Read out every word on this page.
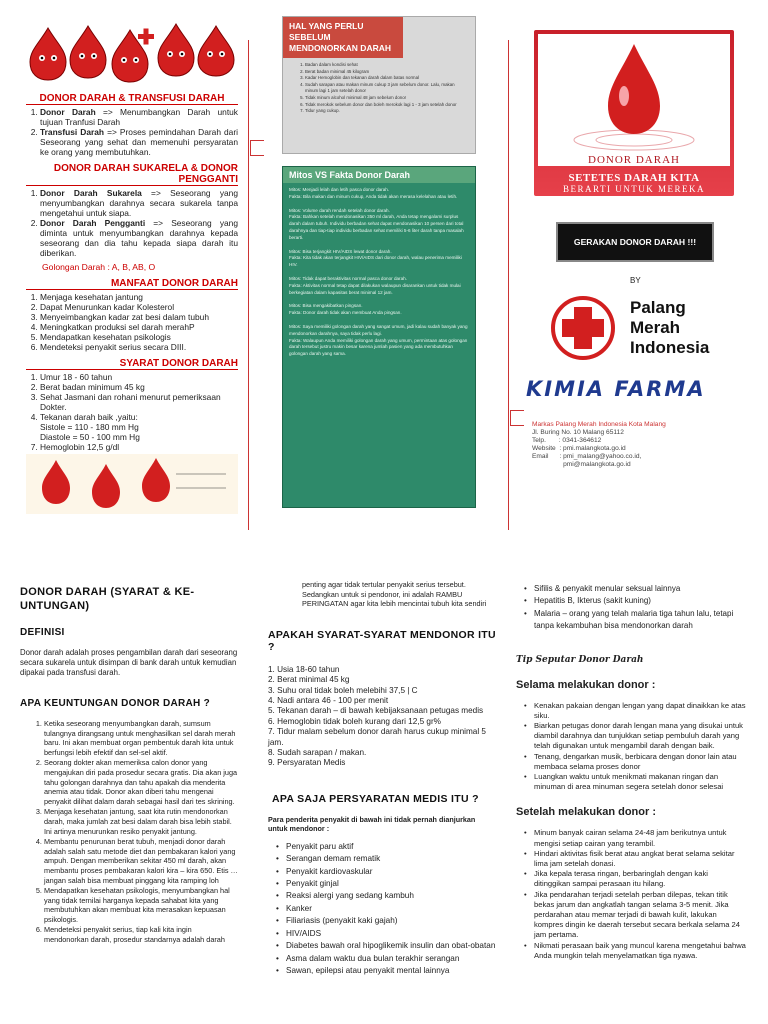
DONOR DARAH & TRANSFUSI DARAH
1. Donor Darah => Menumbangkan Darah untuk tujuan Tranfusi Darah
2. Transfusi Darah => Proses pemindahan Darah dari Seseorang yang sehat dan memenuhi persyaratan ke orang yang membutuhkan.
DONOR DARAH SUKARELA & DONOR PENGGANTI
1. Donor Darah Sukarela => Seseorang yang menyumbangkan darahnya secara sukarela tanpa mengetahui untuk siapa.
2. Donor Darah Pengganti => Seseorang yang diminta untuk menyumbangkan darahnya kepada seseorang dan dia tahu kepada siapa darah itu diberikan.

Golongan Darah : A, B, AB, O

MANFAAT DONOR DARAH
1. Menjaga kesehatan jantung
2. Dapat Menurunkan kadar Kolesterol
3. Menyeimbangkan kadar zat besi dalam tubuh
4. Meningkatkan produksi sel darah merahP
5. Mendapatkan kesehatan psikologis
6. Mendeteksi penyakit serius secara DIII.
SYARAT DONOR DARAH
1. Umur 18 - 60 tahun
2. Berat badan minimum 45 kg
3. Sehat Jasmani dan rohani menurut pemeriksaan Dokter.
4. Tekanan darah baik ,yaitu:
Sistole = 110 - 180 mm Hg
Diastole = 50 - 100 mm Hg
7. Hemoglobin 12,5 g/dl
HAL YANG PERLU SEBELUM MENDONORKAN DARAH
1. Badan dalam kondisi sehat
2. Berat badan minimal 45 kilogram
3. Kadar Hemoglobin dan tekanan darah dalam batas normal
4. Sudah sarapan atau makan minum cukup 3 jam sebelum donor. Lalu, makan minum lagi 1 jam setelah donor
5. Tidak minum alcohol minimal 48 jam sebelum donor
6. Tidak merokok sebelum donor dan boleh merokok lagi 1 - 3 jam setelah donor
7. Tidur yang cukup.
Mitos VS Fakta Donor Darah
Mitos: Menjadi lelah dan letih pasca donor darah.
Fakta: Bila makan dan minum cukup, Anda tidak akan merasa kelelahan atau letih.
Mitos: Volume darah rendah setelah donor darah.
Fakta: Bahkan setelah mendonasikan 350 ml darah, Anda tetap mengalami surplus darah dalam tubuh. Individu berbadan sehat dapat mendonasikan 10 persen dari total darahnya dan tiap-tiap individu berbadan sehat memiliki 5-6 liter darah tanpa masalah berarti.
Mitos: Bisa terjangkit HIV/AIDS lewat donor darah.
Fakta: Kita tidak akan terjangkit HIV/AIDS dari donor darah, walau penerima memiliki HIV.
Mitos: Tidak dapat beraktivitas normal pasca donor darah.
Fakta: Aktivitas normal tetap dapat dilakukan walaupun disarankan untuk tidak mulai berkegiatan dalam kapasitas berat minimal 12 jam.
Mitos: Bisa mengakibatkan pingsan.
Fakta: Donor darah tidak akan membuat Anda pingsan.
Mitos: Saya memiliki golongan darah yang sangat umum, jadi kalau sudah banyak yang mendonorkan darahnya, saya tidak perlu lagi.
Fakta: Walaupun Anda memiliki golongan darah yang umum, permintaan atas golongan darah tersebut justru makin besar karena jumlah pasien yang ada membutuhkan golongan darah yang sama.
DONOR DARAH
SETETES DARAH KITA
BERARTI UNTUK MEREKA
GERAKAN DONOR DARAH !!!
BY
Palang
Merah
Indonesia
KIMIA FARMA
Markas Palang Merah Indonesia Kota Malang
Jl. Buring No. 10 Malang 65112
Telp.       : 0341-364612
Website  : pmi.malangkota.go.id
Email      : pmi_malang@yahoo.co.id,
pmi@malangkota.go.id
DONOR DARAH (SYARAT & KE-UNTUNGAN)
DEFINISI

Donor darah adalah proses pengambilan darah dari seseorang secara sukarela untuk disimpan di bank darah untuk kemudian dipakai pada transfusi darah.

APA KEUNTUNGAN DONOR DARAH ?
1. Ketika seseorang menyumbangkan darah, sumsum tulangnya dirangsang untuk menghasilkan sel darah merah baru. Ini akan membuat organ pembentuk darah kita untuk berfungsi lebih efektif dan sel-sel aktif.
2. Seorang dokter akan memeriksa calon donor yang mengajukan diri pada prosedur secara gratis. Dia akan juga tahu golongan darahnya dan tahu apakah dia menderita anemia atau tidak. Donor akan diberi tahu mengenai penyakit dilihat dalam darah sebagai hasil dari tes skrining.
3. Menjaga kesehatan jantung, saat kita rutin mendonorkan darah, maka jumlah zat besi dalam darah bisa lebih stabil. Ini artinya menurunkan resiko penyakit jantung.
4. Membantu penurunan berat tubuh, menjadi donor darah adalah salah satu metode diet dan pembakaran kalori yang ampuh. Dengan memberikan sekitar 450 ml darah, akan membantu proses pembakaran kalori kira – kira 650. Etis … jangan salah bisa membuat pinggang kita ramping loh
5. Mendapatkan kesehatan psikologis, menyumbangkan hal yang tidak ternilai harganya kepada sahabat kita yang membutuhkan akan membuat kita merasakan kepuasan psikologis.
6. Mendeteksi penyakit serius, tiap kali kita ingin mendonorkan darah, prosedur standarnya adalah darah

penting agar tidak tertular penyakit serius tersebut. Sedangkan untuk si pendonor, ini adalah RAMBU PERINGATAN agar kita lebih mencintai tubuh kita sendiri

APAKAH SYARAT-SYARAT MENDONOR ITU ?
1. Usia 18-60 tahun
2. Berat minimal 45 kg
3. Suhu oral tidak boleh melebihi 37,5 | C
4. Nadi antara 46 - 100 per menit
5. Tekanan darah – di bawah kebijaksanaan petugas medis
6. Hemoglobin tidak boleh kurang dari 12,5 gr%
7. Tidur malam sebelum donor darah harus cukup minimal 5 jam.
8. Sudah sarapan / makan.
9. Persyaratan Medis
APA SAJA PERSYARATAN MEDIS ITU ?

Para penderita penyakit di bawah ini tidak pernah dianjurkan untuk mendonor :

• Penyakit paru aktif
• Serangan demam rematik
• Penyakit kardiovaskular
• Penyakit ginjal
• Reaksi alergi yang sedang kambuh
• Kanker
• Filiariasis (penyakit kaki gajah)
• HIV/AIDS
• Diabetes bawah oral hipoglikemik insulin dan obat-obatan
• Asma dalam waktu dua bulan terakhir serangan
• Sawan, epilepsi atau penyakit mental lainnya
• Sifilis & penyakit menular seksual lainnya
• Hepatitis B, Ikterus (sakit kuning)
• Malaria – orang yang telah malaria tiga tahun lalu, tetapi tanpa kekambuhan bisa mendonorkan darah
Tip Seputar Donor Darah
Selama melakukan donor :
• Kenakan pakaian dengan lengan yang dapat dinaikkan ke atas siku.
• Biarkan petugas donor darah lengan mana yang disukai untuk diambil darahnya dan tunjukkan setiap pembuluh darah yang telah digunakan untuk mengambil darah dengan baik.
• Tenang, dengarkan musik, berbicara dengan donor lain atau membaca selama proses donor
• Luangkan waktu untuk menikmati makanan ringan dan minuman di area minuman segera setelah donor selesai
Setelah melakukan donor :
• Minum banyak cairan selama 24-48 jam berikutnya untuk mengisi setiap cairan yang terambil.
• Hindari aktivitas fisik berat atau angkat berat selama sekitar lima jam setelah donasi.
• Jika kepala terasa ringan, berbaringlah dengan kaki ditinggikan sampai perasaan itu hilang.
• Jika pendarahan terjadi setelah perban dilepas, tekan titik bekas jarum dan angkatlah tangan selama 3-5 menit. Jika perdarahan atau memar terjadi di bawah kulit, lakukan kompres dingin ke daerah tersebut secara berkala selama 24 jam pertama.
• Nikmati perasaan baik yang muncul karena mengetahui bahwa Anda mungkin telah menyelamatkan tiga nyawa.
